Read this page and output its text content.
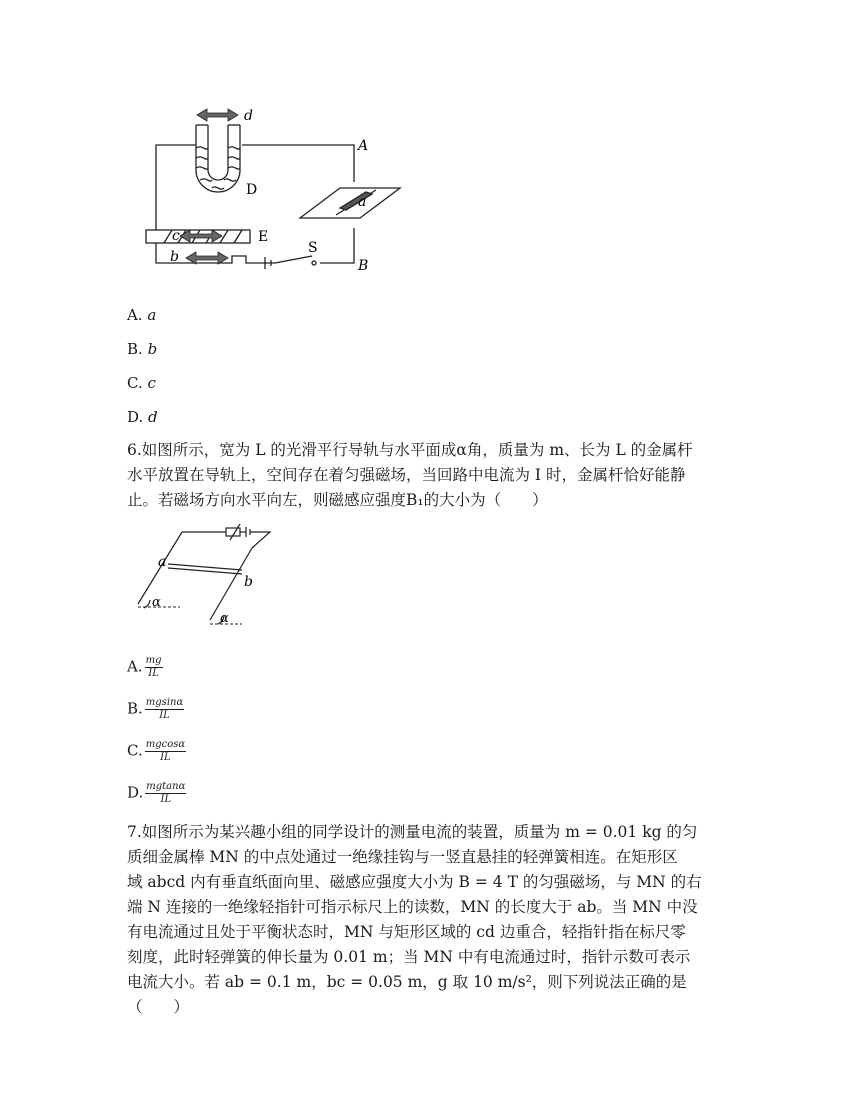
d
A
D
a
c	E
b
S
B
A. a
B. b
C. c
D. d

6.如图所示，宽为 L 的光滑平行导轨与水平面成α角，质量为 m、长为 L 的金属杆

水平放置在导轨上，空间存在着匀强磁场，当回路中电流为 I 时，金属杆恰好能静

止。若磁场方向水平向左，则磁感应强度B₁的大小为（　　）

a
b
α
α
A. $\frac{mg}{IL}$
B. $\frac{mgsin\alpha}{IL}$
C. $\frac{mgcos\alpha}{IL}$
D. $\frac{mgtan\alpha}{IL}$

7.如图所示为某兴趣小组的同学设计的测量电流的装置，质量为 m = 0.01 kg 的匀

质细金属棒 MN 的中点处通过一绝缘挂钩与一竖直悬挂的轻弹簧相连。在矩形区

域 abcd 内有垂直纸面向里、磁感应强度大小为 B = 4 T 的匀强磁场，与 MN 的右

端 N 连接的一绝缘轻指针可指示标尺上的读数，MN 的长度大于 ab。当 MN 中没

有电流通过且处于平衡状态时，MN 与矩形区域的 cd 边重合，轻指针指在标尺零

刻度，此时轻弹簧的伸长量为 0.01 m；当 MN 中有电流通过时，指针示数可表示

电流大小。若 ab = 0.1 m，bc = 0.05 m，g 取 10 m/s²，则下列说法正确的是

（　　）
